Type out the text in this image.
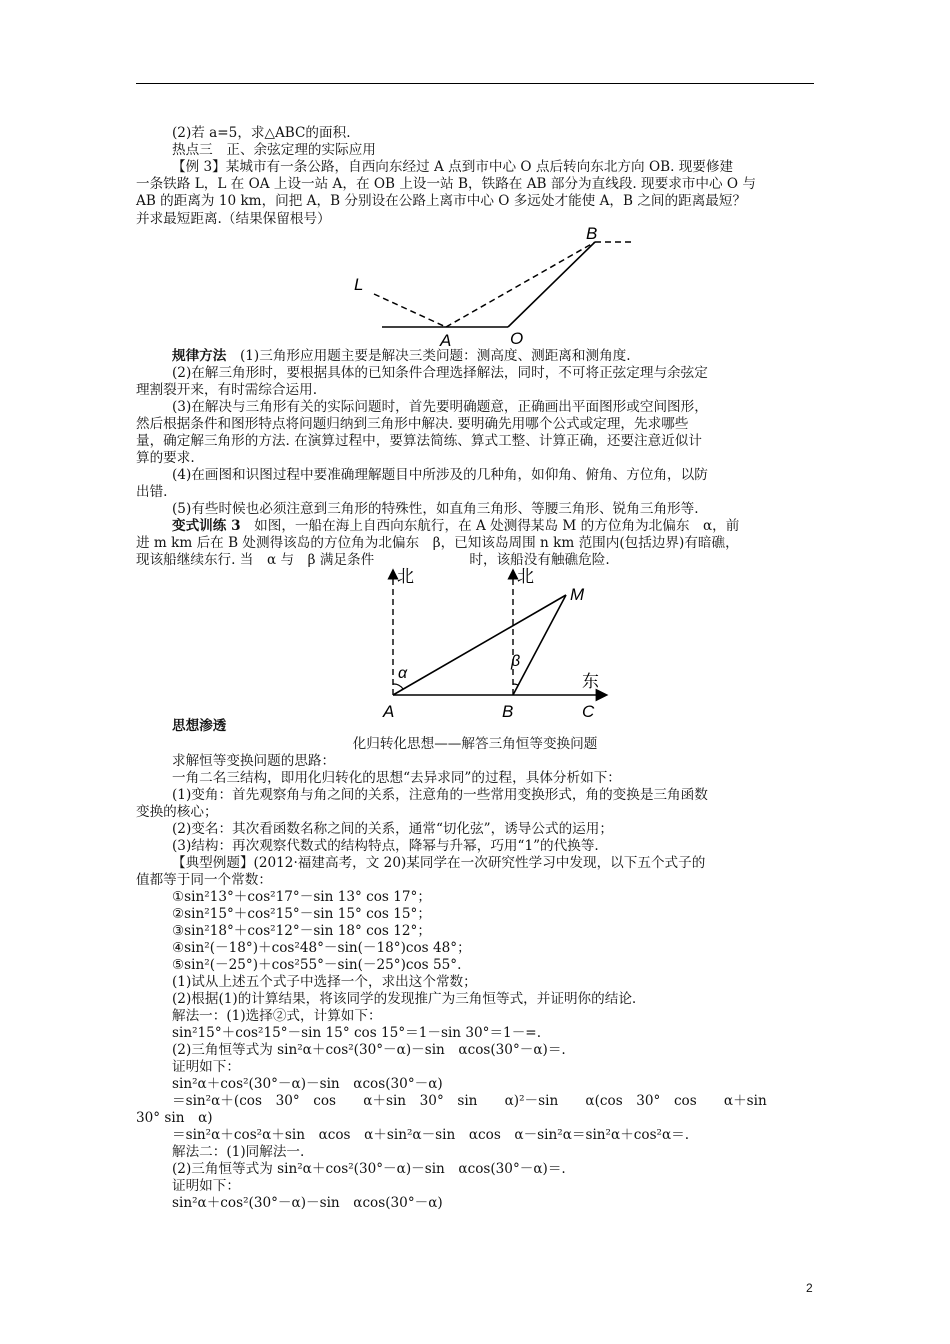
(2)若 a=5，求△ABC的面积.
热点三　正、余弦定理的实际应用
【例 3】某城市有一条公路，自西向东经过 A 点到市中心 O 点后转向东北方向 OB. 现要修建
一条铁路 L，L 在 OA 上设一站 A，在 OB 上设一站 B，铁路在 AB 部分为直线段. 现要求市中心 O 与
AB 的距离为 10 km，问把 A，B 分别设在公路上离市中心 O 多远处才能使 A，B 之间的距离最短？
并求最短距离.（结果保留根号）
L
A	O
B
规律方法　(1)三角形应用题主要是解决三类问题：测高度、测距离和测角度.
(2)在解三角形时，要根据具体的已知条件合理选择解法，同时，不可将正弦定理与余弦定
理割裂开来，有时需综合运用.
(3)在解决与三角形有关的实际问题时，首先要明确题意，正确画出平面图形或空间图形，
然后根据条件和图形特点将问题归纳到三角形中解决. 要明确先用哪个公式或定理，先求哪些
量，确定解三角形的方法. 在演算过程中，要算法简练、算式工整、计算正确，还要注意近似计
算的要求.
(4)在画图和识图过程中要准确理解题目中所涉及的几种角，如仰角、俯角、方位角，以防
出错.
(5)有些时候也必须注意到三角形的特殊性，如直角三角形、等腰三角形、锐角三角形等.
变式训练 3　如图，一船在海上自西向东航行，在 A 处测得某岛 M 的方位角为北偏东　α，前
进 m km 后在 B 处测得该岛的方位角为北偏东　β，已知该岛周围 n km 范围内(包括边界)有暗礁，
现该船继续东行. 当　α 与　β 满足条件　　　　　　　时，该船没有触礁危险.
北	北
东
M
α
β
A	B	C
思想渗透
化归转化思想——解答三角恒等变换问题
求解恒等变换问题的思路：
一角二名三结构，即用化归转化的思想“去异求同”的过程，具体分析如下：
(1)变角：首先观察角与角之间的关系，注意角的一些常用变换形式，角的变换是三角函数
变换的核心；
(2)变名：其次看函数名称之间的关系，通常“切化弦”，诱导公式的运用；
(3)结构：再次观察代数式的结构特点，降幂与升幂，巧用“1”的代换等.
【典型例题】(2012·福建高考，文 20)某同学在一次研究性学习中发现，以下五个式子的
值都等于同一个常数：
①sin²13°＋cos²17°－sin 13° cos 17°；
②sin²15°＋cos²15°－sin 15° cos 15°；
③sin²18°＋cos²12°－sin 18° cos 12°；
④sin²(－18°)＋cos²48°－sin(－18°)cos 48°；
⑤sin²(－25°)＋cos²55°－sin(－25°)cos 55°.
(1)试从上述五个式子中选择一个，求出这个常数；
(2)根据(1)的计算结果，将该同学的发现推广为三角恒等式，并证明你的结论.
解法一：(1)选择②式，计算如下：
sin²15°＋cos²15°－sin 15° cos 15°＝1－sin 30°＝1－=.
(2)三角恒等式为 sin²α＋cos²(30°－α)－sin　αcos(30°－α)＝.
证明如下：
sin²α＋cos²(30°－α)－sin　αcos(30°－α)
＝sin²α＋(cos　30°　cos　　α＋sin　30°　sin　　α)²－sin　　α(cos　30°　cos　　α＋sin
30° sin　α)
＝sin²α＋cos²α＋sin　αcos　α＋sin²α－sin　αcos　α－sin²α＝sin²α＋cos²α＝.
解法二：(1)同解法一.
(2)三角恒等式为 sin²α＋cos²(30°－α)－sin　αcos(30°－α)＝.
证明如下：
sin²α＋cos²(30°－α)－sin　αcos(30°－α)
2
